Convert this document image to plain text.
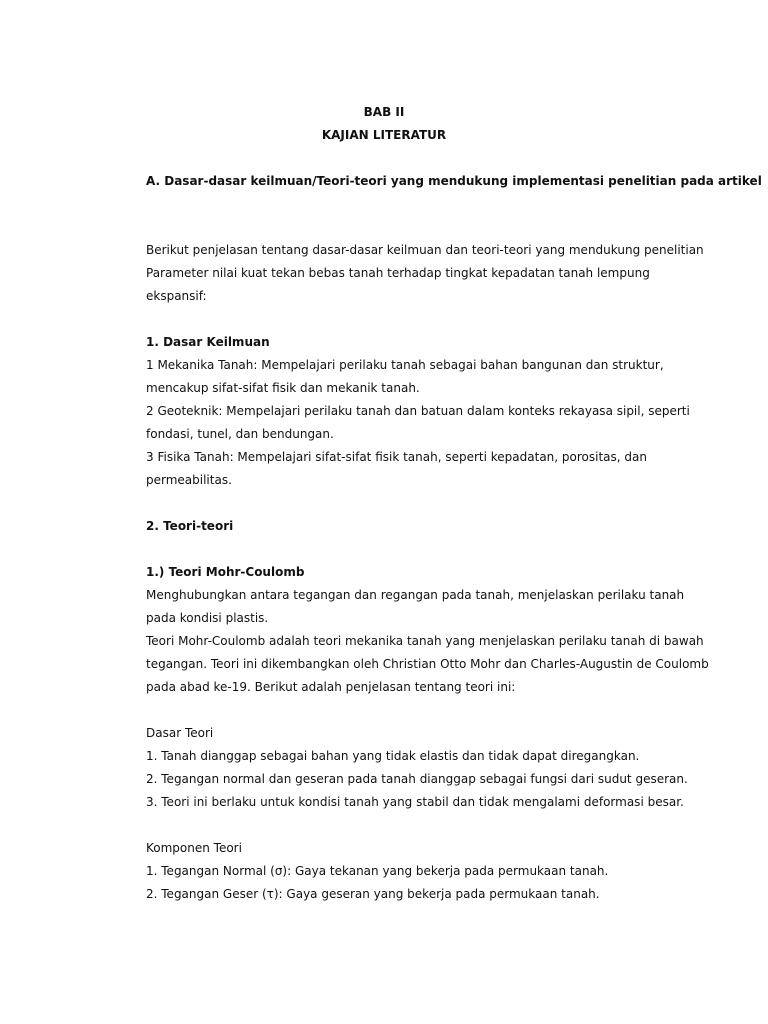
BAB II
KAJIAN LITERATUR
A. Dasar-dasar keilmuan/Teori-teori yang mendukung implementasi penelitian pada artikel
Berikut penjelasan tentang dasar-dasar keilmuan dan teori-teori yang mendukung penelitian
Parameter nilai kuat tekan bebas tanah terhadap tingkat kepadatan tanah lempung
ekspansif:
1. Dasar Keilmuan
1 Mekanika Tanah: Mempelajari perilaku tanah sebagai bahan bangunan dan struktur,
mencakup sifat-sifat fisik dan mekanik tanah.
2 Geoteknik: Mempelajari perilaku tanah dan batuan dalam konteks rekayasa sipil, seperti
fondasi, tunel, dan bendungan.
3 Fisika Tanah: Mempelajari sifat-sifat fisik tanah, seperti kepadatan, porositas, dan
permeabilitas.
2. Teori-teori
1.) Teori Mohr-Coulomb
Menghubungkan antara tegangan dan regangan pada tanah, menjelaskan perilaku tanah
pada kondisi plastis.
Teori Mohr-Coulomb adalah teori mekanika tanah yang menjelaskan perilaku tanah di bawah
tegangan. Teori ini dikembangkan oleh Christian Otto Mohr dan Charles-Augustin de Coulomb
pada abad ke-19. Berikut adalah penjelasan tentang teori ini:
Dasar Teori
1. Tanah dianggap sebagai bahan yang tidak elastis dan tidak dapat diregangkan.
2. Tegangan normal dan geseran pada tanah dianggap sebagai fungsi dari sudut geseran.
3. Teori ini berlaku untuk kondisi tanah yang stabil dan tidak mengalami deformasi besar.
Komponen Teori
1. Tegangan Normal (σ): Gaya tekanan yang bekerja pada permukaan tanah.
2. Tegangan Geser (τ): Gaya geseran yang bekerja pada permukaan tanah.
